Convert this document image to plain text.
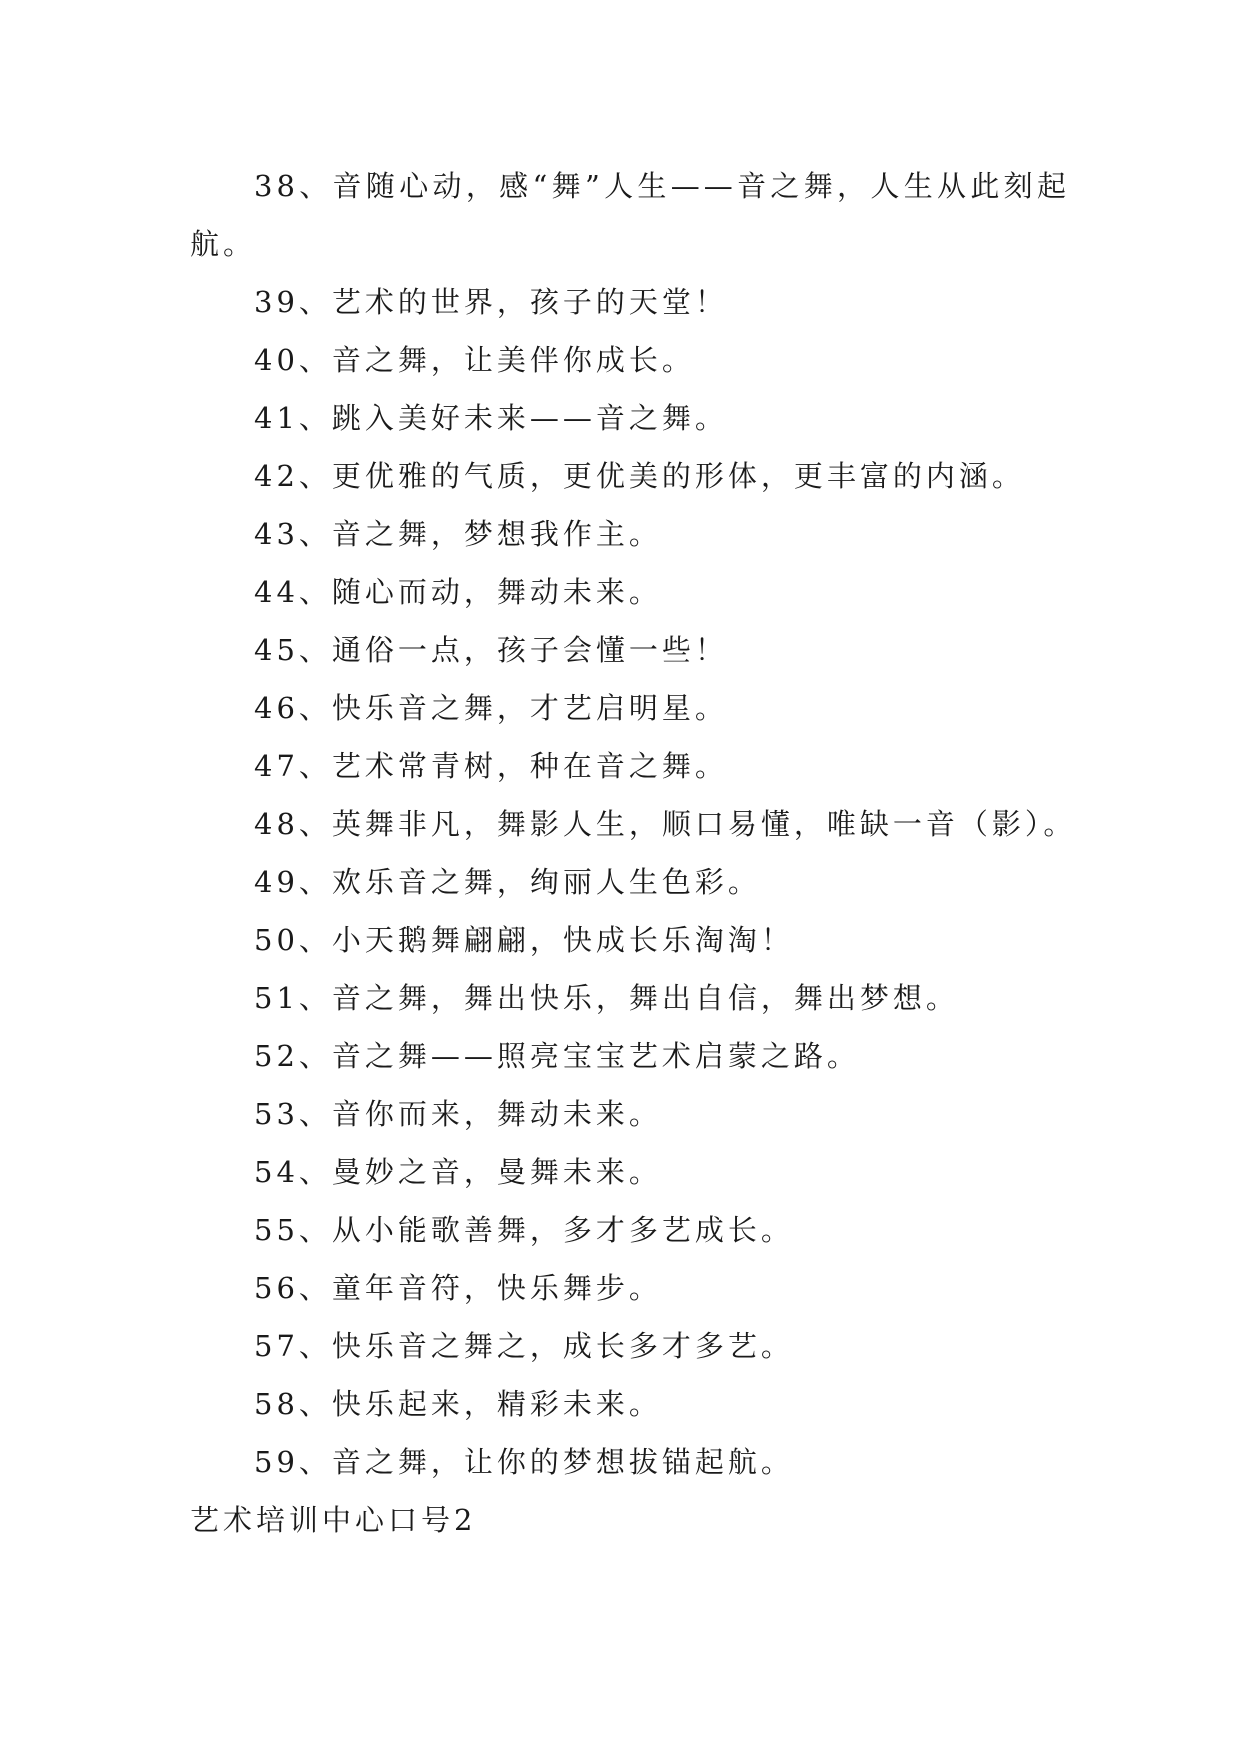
38、音随心动，感“舞”人生——音之舞，人生从此刻起航。

39、艺术的世界，孩子的天堂！

40、音之舞，让美伴你成长。

41、跳入美好未来——音之舞。

42、更优雅的气质，更优美的形体，更丰富的内涵。

43、音之舞，梦想我作主。

44、随心而动，舞动未来。

45、通俗一点，孩子会懂一些！

46、快乐音之舞，才艺启明星。

47、艺术常青树，种在音之舞。

48、英舞非凡，舞影人生，顺口易懂，唯缺一音（影）。

49、欢乐音之舞，绚丽人生色彩。

50、小天鹅舞翩翩，快成长乐淘淘！

51、音之舞，舞出快乐，舞出自信，舞出梦想。

52、音之舞——照亮宝宝艺术启蒙之路。

53、音你而来，舞动未来。

54、曼妙之音，曼舞未来。

55、从小能歌善舞，多才多艺成长。

56、童年音符，快乐舞步。

57、快乐音之舞之，成长多才多艺。

58、快乐起来，精彩未来。

59、音之舞，让你的梦想拔锚起航。

艺术培训中心口号2
